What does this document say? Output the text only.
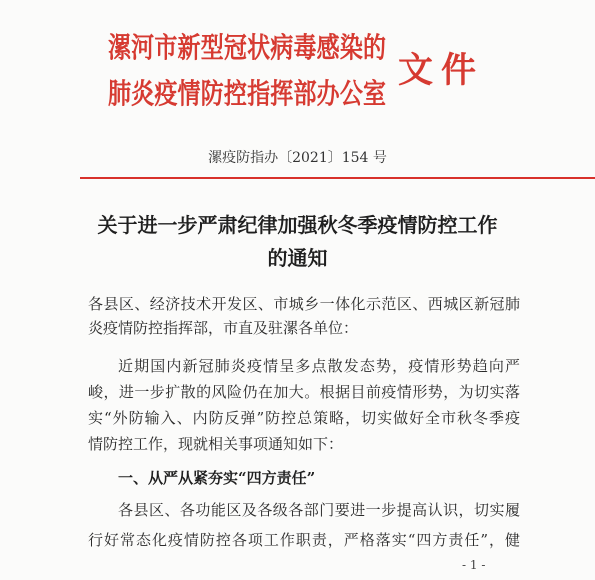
漯河市新型冠状病毒感染的
肺炎疫情防控指挥部办公室
文件
漯疫防指办〔2021〕154 号
关于进一步严肃纪律加强秋冬季疫情防控工作
的通知
各县区、经济技术开发区、市城乡一体化示范区、西城区新冠肺
炎疫情防控指挥部，市直及驻漯各单位：
近期国内新冠肺炎疫情呈多点散发态势，疫情形势趋向严
峻，进一步扩散的风险仍在加大。根据目前疫情形势，为切实落
实“外防输入、内防反弹”防控总策略，切实做好全市秋冬季疫
情防控工作，现就相关事项通知如下：
一、从严从紧夯实“四方责任”
各县区、各功能区及各级各部门要进一步提高认识，切实履
行好常态化疫情防控各项工作职责，严格落实“四方责任”，健
- 1 -
